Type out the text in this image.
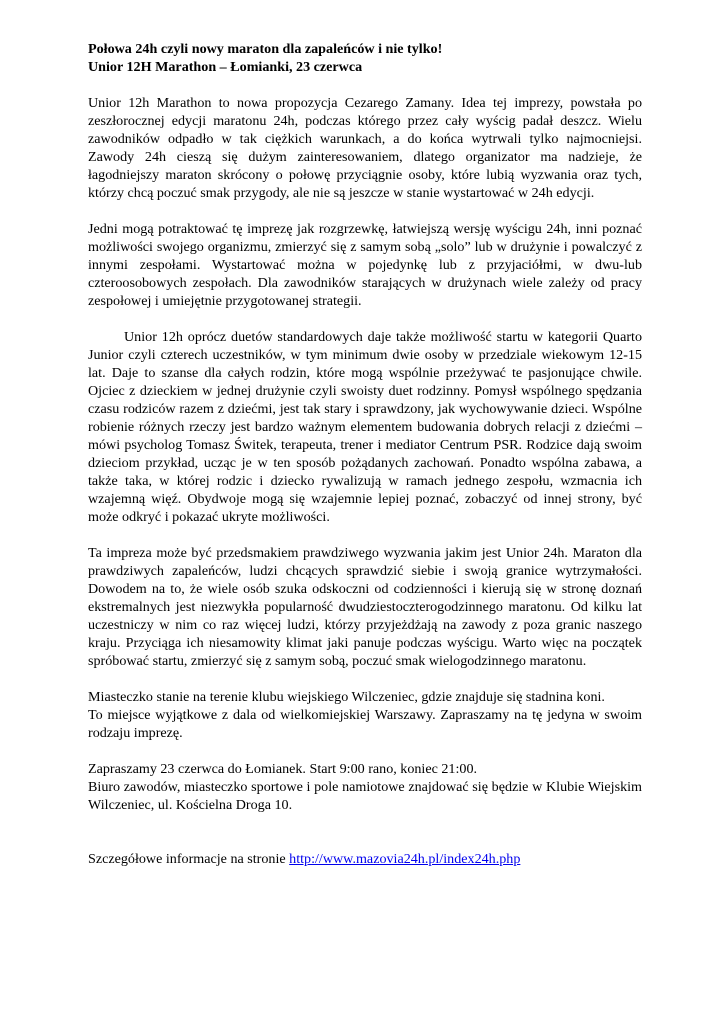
Połowa 24h czyli nowy maraton dla zapaleńców i nie tylko!

Unior 12H Marathon – Łomianki, 23 czerwca

Unior 12h Marathon to nowa propozycja Cezarego Zamany. Idea tej imprezy, powstała po zeszłorocznej edycji maratonu 24h, podczas którego przez cały wyścig padał deszcz. Wielu zawodników odpadło w tak ciężkich warunkach, a do końca wytrwali tylko najmocniejsi. Zawody 24h cieszą się dużym zainteresowaniem, dlatego organizator ma nadzieje, że łagodniejszy maraton skrócony o połowę przyciągnie osoby, które lubią wyzwania oraz tych, którzy chcą poczuć smak przygody, ale nie są jeszcze w stanie wystartować w 24h edycji.

Jedni mogą potraktować tę imprezę jak rozgrzewkę, łatwiejszą wersję wyścigu 24h, inni poznać możliwości swojego organizmu, zmierzyć się z samym sobą „solo” lub w drużynie i powalczyć z innymi zespołami. Wystartować można w pojedynkę lub z przyjaciółmi, w dwu-lub czteroosobowych zespołach. Dla zawodników starających w drużynach wiele zależy od pracy zespołowej i umiejętnie przygotowanej strategii.

Unior 12h oprócz duetów standardowych daje także możliwość startu w kategorii Quarto Junior czyli czterech uczestników, w tym minimum dwie osoby w przedziale wiekowym 12-15 lat. Daje to szanse dla całych rodzin, które mogą wspólnie przeżywać te pasjonujące chwile. Ojciec z dzieckiem w jednej drużynie czyli swoisty duet rodzinny. Pomysł wspólnego spędzania czasu rodziców razem z dziećmi, jest tak stary i sprawdzony, jak wychowywanie dzieci. Wspólne robienie różnych rzeczy jest bardzo ważnym elementem budowania dobrych relacji z dziećmi – mówi psycholog Tomasz Świtek, terapeuta, trener i mediator Centrum PSR. Rodzice dają swoim dzieciom przykład, ucząc je w ten sposób pożądanych zachowań. Ponadto wspólna zabawa, a także taka, w której rodzic i dziecko rywalizują w ramach jednego zespołu, wzmacnia ich wzajemną więź. Obydwoje mogą się wzajemnie lepiej poznać, zobaczyć od innej strony, być może odkryć i pokazać ukryte możliwości.

Ta impreza może być przedsmakiem prawdziwego wyzwania jakim jest Unior 24h. Maraton dla prawdziwych zapaleńców, ludzi chcących sprawdzić siebie i swoją granice wytrzymałości. Dowodem na to, że wiele osób szuka odskoczni od codzienności i kierują się w stronę doznań ekstremalnych jest niezwykła popularność dwudziestoczterogodzinnego maratonu. Od kilku lat uczestniczy w nim co raz więcej ludzi, którzy przyjeżdżają na zawody z poza granic naszego kraju. Przyciąga ich niesamowity klimat jaki panuje podczas wyścigu. Warto więc na początek spróbować startu, zmierzyć się z samym sobą, poczuć smak wielogodzinnego maratonu.

Miasteczko stanie na terenie klubu wiejskiego Wilczeniec, gdzie znajduje się stadnina koni.

To miejsce wyjątkowe z dala od wielkomiejskiej Warszawy. Zapraszamy na tę jedyna w swoim rodzaju imprezę.

Zapraszamy 23 czerwca do Łomianek. Start 9:00 rano, koniec 21:00.

Biuro zawodów, miasteczko sportowe i pole namiotowe znajdować się będzie w Klubie Wiejskim Wilczeniec, ul. Kościelna Droga 10.

Szczegółowe informacje na stronie http://www.mazovia24h.pl/index24h.php
